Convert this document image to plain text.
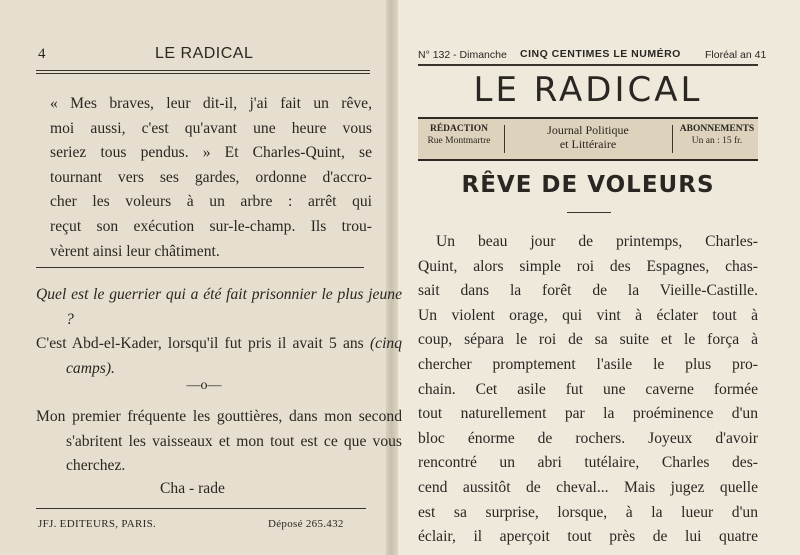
4	LE RADICAL

« Mes braves, leur dit-il, j'ai fait un rêve,

moi aussi, c'est qu'avant une heure vous

seriez tous pendus. » Et Charles-Quint, se

tournant vers ses gardes, ordonne d'accro-

cher les voleurs à un arbre : arrêt qui

reçut son exécution sur-le-champ. Ils trou-

vèrent ainsi leur châtiment.

Quel est le guerrier qui a été fait prisonnier le plus jeune ?
C'est Abd-el-Kader, lorsqu'il fut pris il avait 5 ans (cinq camps).
—o—
Mon premier fréquente les gouttières, dans mon second s'abritent les vaisseaux et mon tout est ce que vous cherchez.
Cha - rade
JFJ. EDITEURS, PARIS.	Déposé 265.432
N° 132 - Dimanche CINQ CENTIMES LE NUMÉRO Floréal an 41
LE RADICAL
RÉDACTION
Rue Montmartre
Journal Politique
et Littéraire
ABONNEMENTS
Un an : 15 fr.
RÊVE DE VOLEURS

Un beau jour de printemps, Charles-

Quint, alors simple roi des Espagnes, chas-

sait dans la forêt de la Vieille-Castille.

Un violent orage, qui vint à éclater tout à

coup, sépara le roi de sa suite et le força à

chercher promptement l'asile le plus pro-

chain. Cet asile fut une caverne formée

tout naturellement par la proéminence d'un

bloc énorme de rochers. Joyeux d'avoir

rencontré un abri tutélaire, Charles des-

cend aussitôt de cheval... Mais jugez quelle

est sa surprise, lorsque, à la lueur d'un

éclair, il aperçoit tout près de lui quatre
